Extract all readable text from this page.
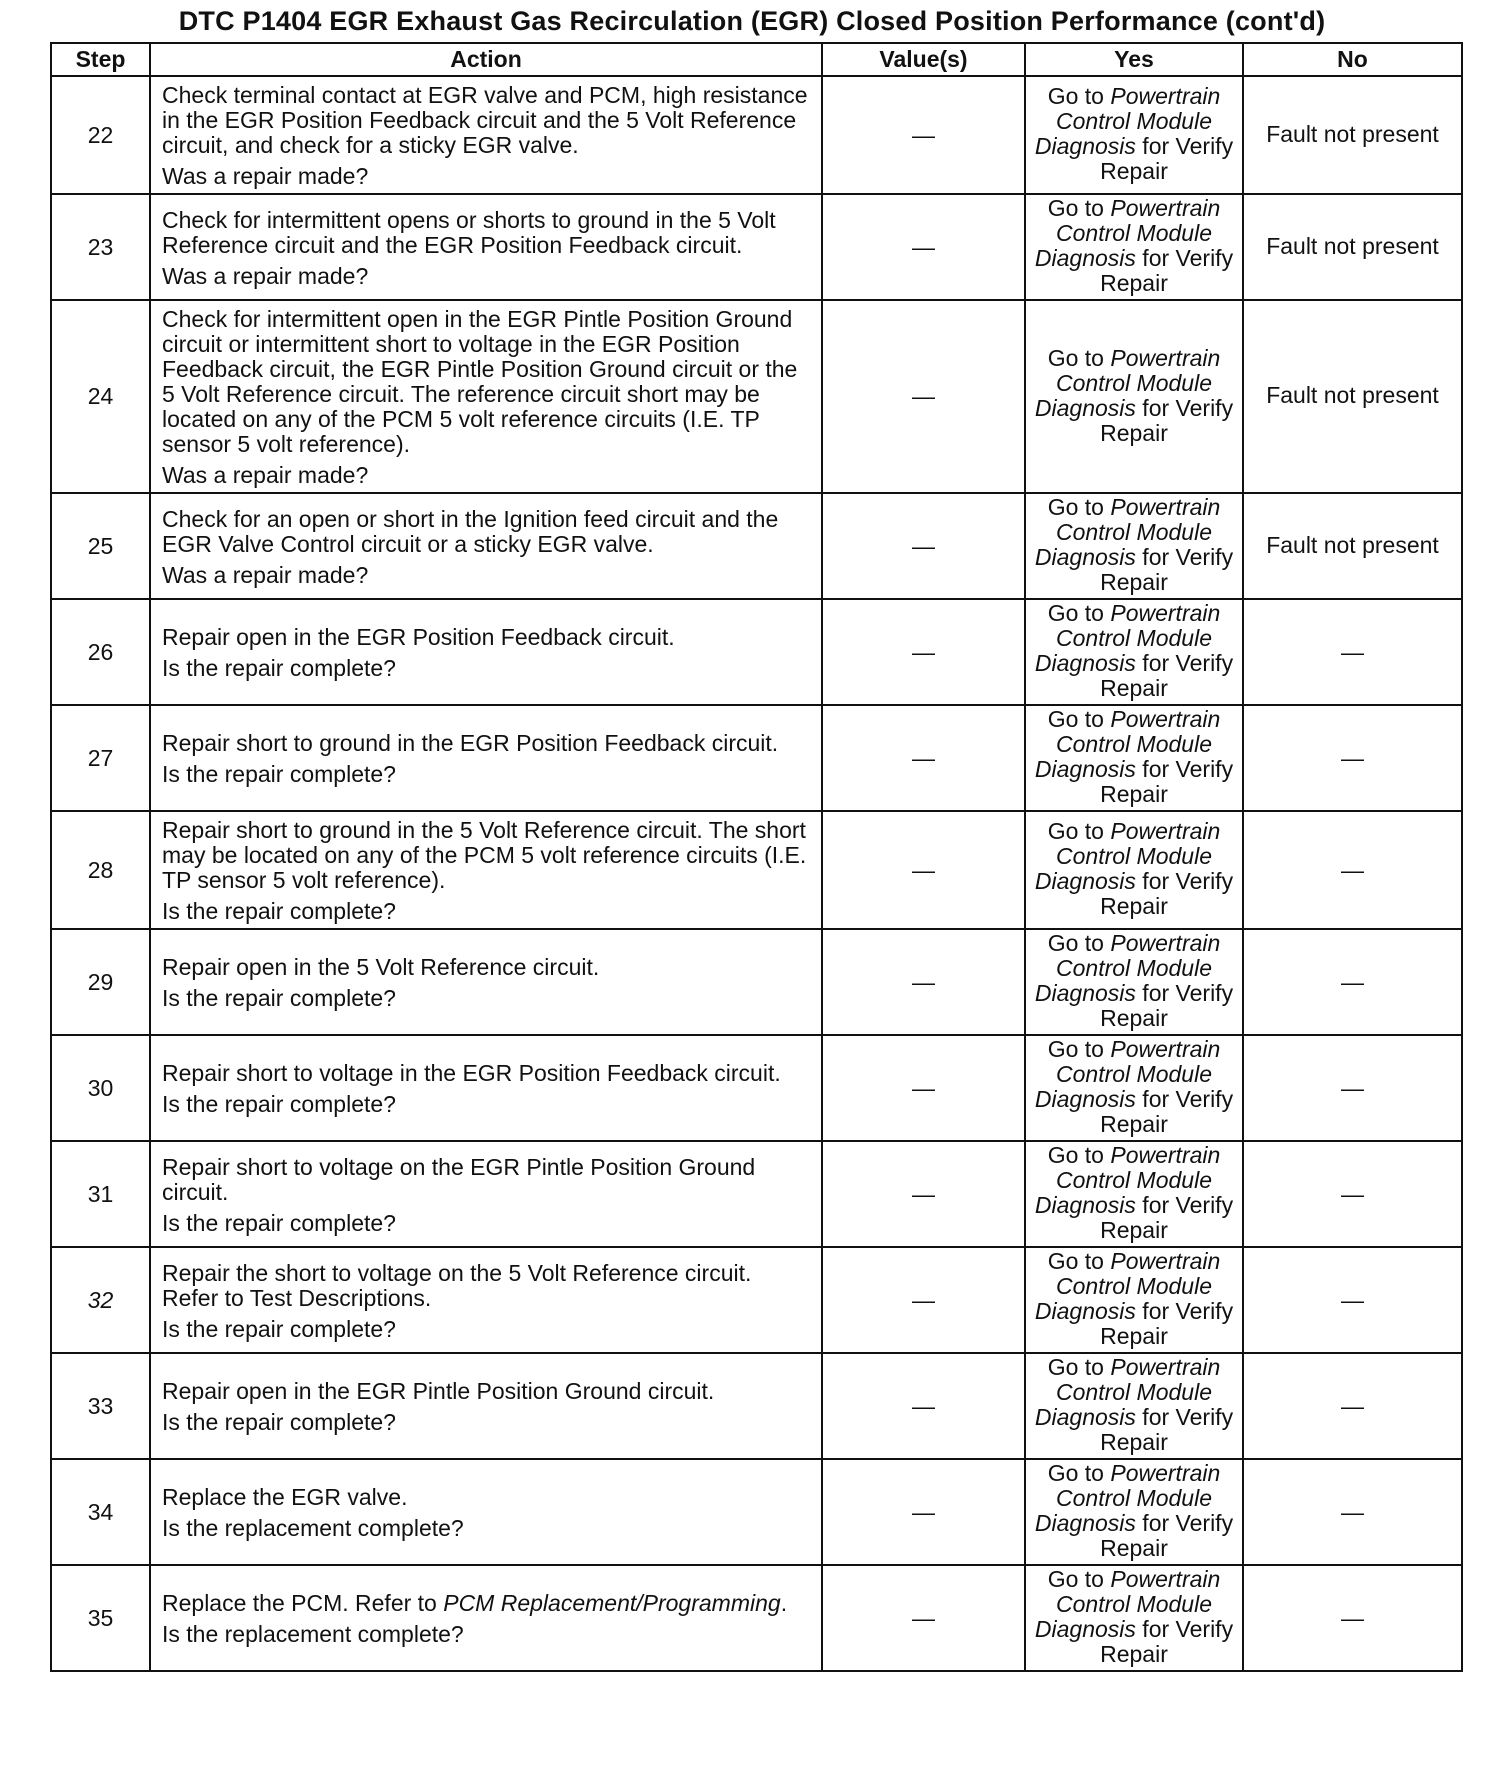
DTC P1404 EGR Exhaust Gas Recirculation (EGR) Closed Position Performance (cont'd)
Step	Action	Value(s)	Yes	No
22	Check terminal contact at EGR valve and PCM, high resistance in the EGR Position Feedback circuit and the 5 Volt Reference circuit, and check for a sticky EGR valve.

Was a repair made?	—	Go to Powertrain Control Module Diagnosis for Verify Repair	Fault not present
23	Check for intermittent opens or shorts to ground in the 5 Volt Reference circuit and the EGR Position Feedback circuit.

Was a repair made?	—	Go to Powertrain Control Module Diagnosis for Verify Repair	Fault not present
24	Check for intermittent open in the EGR Pintle Position Ground circuit or intermittent short to voltage in the EGR Position Feedback circuit, the EGR Pintle Position Ground circuit or the 5 Volt Reference circuit. The reference circuit short may be located on any of the PCM 5 volt reference circuits (I.E. TP sensor 5 volt reference).

Was a repair made?	—	Go to Powertrain Control Module Diagnosis for Verify Repair	Fault not present
25	Check for an open or short in the Ignition feed circuit and the EGR Valve Control circuit or a sticky EGR valve.

Was a repair made?	—	Go to Powertrain Control Module Diagnosis for Verify Repair	Fault not present
26	Repair open in the EGR Position Feedback circuit.

Is the repair complete?	—	Go to Powertrain Control Module Diagnosis for Verify Repair	—
27	Repair short to ground in the EGR Position Feedback circuit.

Is the repair complete?	—	Go to Powertrain Control Module Diagnosis for Verify Repair	—
28	Repair short to ground in the 5 Volt Reference circuit. The short may be located on any of the PCM 5 volt reference circuits (I.E. TP sensor 5 volt reference).

Is the repair complete?	—	Go to Powertrain Control Module Diagnosis for Verify Repair	—
29	Repair open in the 5 Volt Reference circuit.

Is the repair complete?	—	Go to Powertrain Control Module Diagnosis for Verify Repair	—
30	Repair short to voltage in the EGR Position Feedback circuit.

Is the repair complete?	—	Go to Powertrain Control Module Diagnosis for Verify Repair	—
31	Repair short to voltage on the EGR Pintle Position Ground circuit.

Is the repair complete?	—	Go to Powertrain Control Module Diagnosis for Verify Repair	—
32	Repair the short to voltage on the 5 Volt Reference circuit. Refer to Test Descriptions.

Is the repair complete?	—	Go to Powertrain Control Module Diagnosis for Verify Repair	—
33	Repair open in the EGR Pintle Position Ground circuit.

Is the repair complete?	—	Go to Powertrain Control Module Diagnosis for Verify Repair	—
34	Replace the EGR valve.

Is the replacement complete?	—	Go to Powertrain Control Module Diagnosis for Verify Repair	—
35	Replace the PCM. Refer to PCM Replacement/Programming.

Is the replacement complete?	—	Go to Powertrain Control Module Diagnosis for Verify Repair	—
